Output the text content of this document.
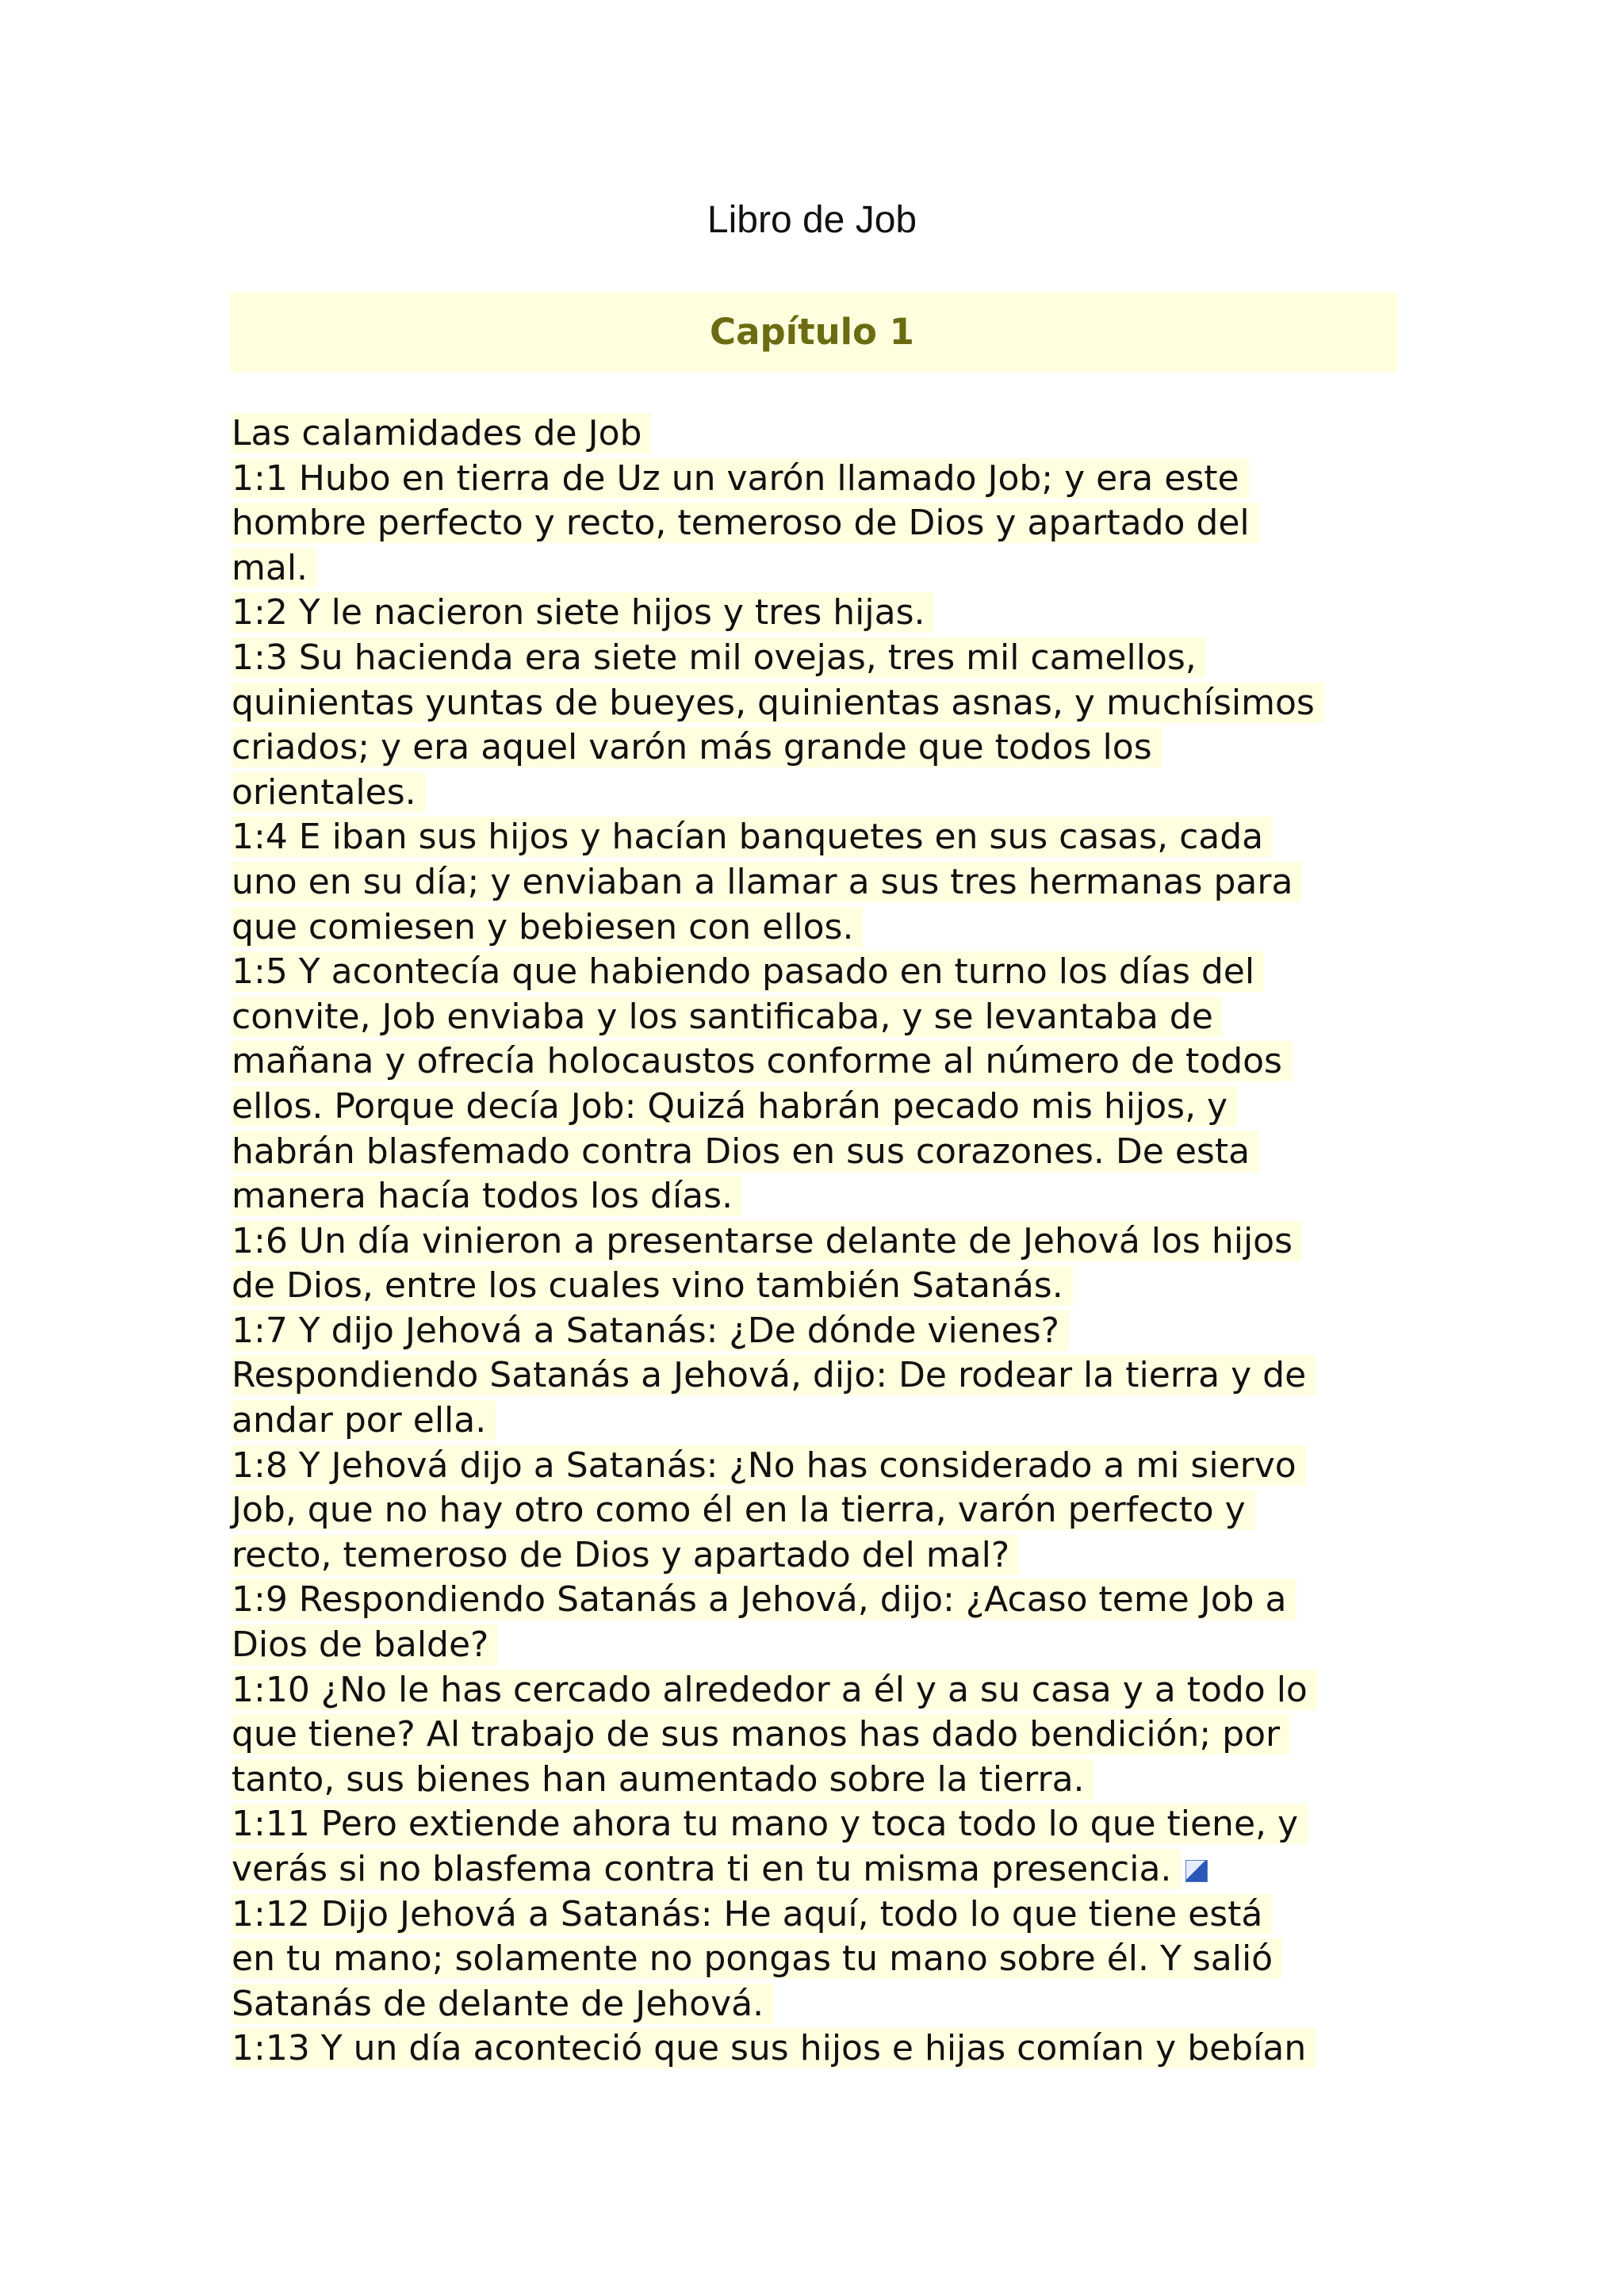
Libro de Job
Capítulo 1
Las calamidades de Job
1:1 Hubo en tierra de Uz un varón llamado Job; y era este
hombre perfecto y recto, temeroso de Dios y apartado del
mal.
1:2 Y le nacieron siete hijos y tres hijas.
1:3 Su hacienda era siete mil ovejas, tres mil camellos,
quinientas yuntas de bueyes, quinientas asnas, y muchísimos
criados; y era aquel varón más grande que todos los
orientales.
1:4 E iban sus hijos y hacían banquetes en sus casas, cada
uno en su día; y enviaban a llamar a sus tres hermanas para
que comiesen y bebiesen con ellos.
1:5 Y acontecía que habiendo pasado en turno los días del
convite, Job enviaba y los santificaba, y se levantaba de
mañana y ofrecía holocaustos conforme al número de todos
ellos. Porque decía Job: Quizá habrán pecado mis hijos, y
habrán blasfemado contra Dios en sus corazones. De esta
manera hacía todos los días.
1:6 Un día vinieron a presentarse delante de Jehová los hijos
de Dios, entre los cuales vino también Satanás.
1:7 Y dijo Jehová a Satanás: ¿De dónde vienes?
Respondiendo Satanás a Jehová, dijo: De rodear la tierra y de
andar por ella.
1:8 Y Jehová dijo a Satanás: ¿No has considerado a mi siervo
Job, que no hay otro como él en la tierra, varón perfecto y
recto, temeroso de Dios y apartado del mal?
1:9 Respondiendo Satanás a Jehová, dijo: ¿Acaso teme Job a
Dios de balde?
1:10 ¿No le has cercado alrededor a él y a su casa y a todo lo
que tiene? Al trabajo de sus manos has dado bendición; por
tanto, sus bienes han aumentado sobre la tierra.
1:11 Pero extiende ahora tu mano y toca todo lo que tiene, y
verás si no blasfema contra ti en tu misma presencia.
1:12 Dijo Jehová a Satanás: He aquí, todo lo que tiene está
en tu mano; solamente no pongas tu mano sobre él. Y salió
Satanás de delante de Jehová.
1:13 Y un día aconteció que sus hijos e hijas comían y bebían
